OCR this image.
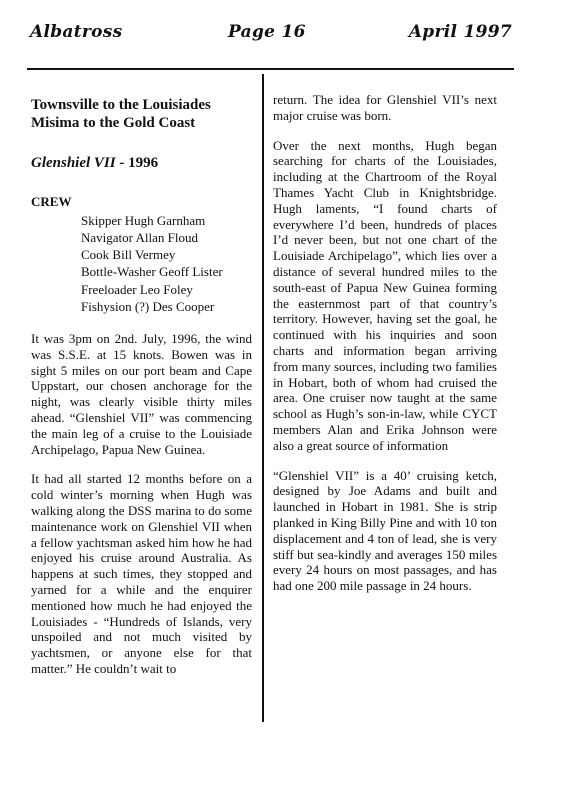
Albatross	Page 16	April 1997
Townsville to the Louisiades
Misima to the Gold Coast
Glenshiel VII - 1996
CREW
Skipper Hugh Garnham
Navigator Allan Floud
Cook Bill Vermey
Bottle-Washer Geoff Lister
Freeloader Leo Foley
Fishysion (?) Des Cooper

It was 3pm on 2nd. July, 1996, the wind was S.S.E. at 15 knots. Bowen was in sight 5 miles on our port beam and Cape Uppstart, our chosen anchorage for the night, was clearly visible thirty miles ahead. “Glenshiel VII” was commencing the main leg of a cruise to the Louisiade Archipelago, Papua New Guinea.

It had all started 12 months before on a cold winter’s morning when Hugh was walking along the DSS marina to do some maintenance work on Glenshiel VII when a fellow yachtsman asked him how he had enjoyed his cruise around Australia. As happens at such times, they stopped and yarned for a while and the enquirer mentioned how much he had enjoyed the Louisiades - “Hundreds of Islands, very unspoiled and not much visited by yachtsmen, or anyone else for that matter.” He couldn’t wait to

return. The idea for Glenshiel VII’s next major cruise was born.

Over the next months, Hugh began searching for charts of the Louisiades, including at the Chartroom of the Royal Thames Yacht Club in Knightsbridge. Hugh laments, “I found charts of everywhere I’d been, hundreds of places I’d never been, but not one chart of the Louisiade Archipelago”, which lies over a distance of several hundred miles to the south-east of Papua New Guinea forming the easternmost part of that country’s territory. However, having set the goal, he continued with his inquiries and soon charts and information began arriving from many sources, including two families in Hobart, both of whom had cruised the area. One cruiser now taught at the same school as Hugh’s son-in-law, while CYCT members Alan and Erika Johnson were also a great source of information

“Glenshiel VII” is a 40’ cruising ketch, designed by Joe Adams and built and launched in Hobart in 1981. She is strip planked in King Billy Pine and with 10 ton displacement and 4 ton of lead, she is very stiff but sea-kindly and averages 150 miles every 24 hours on most passages, and has had one 200 mile passage in 24 hours.
